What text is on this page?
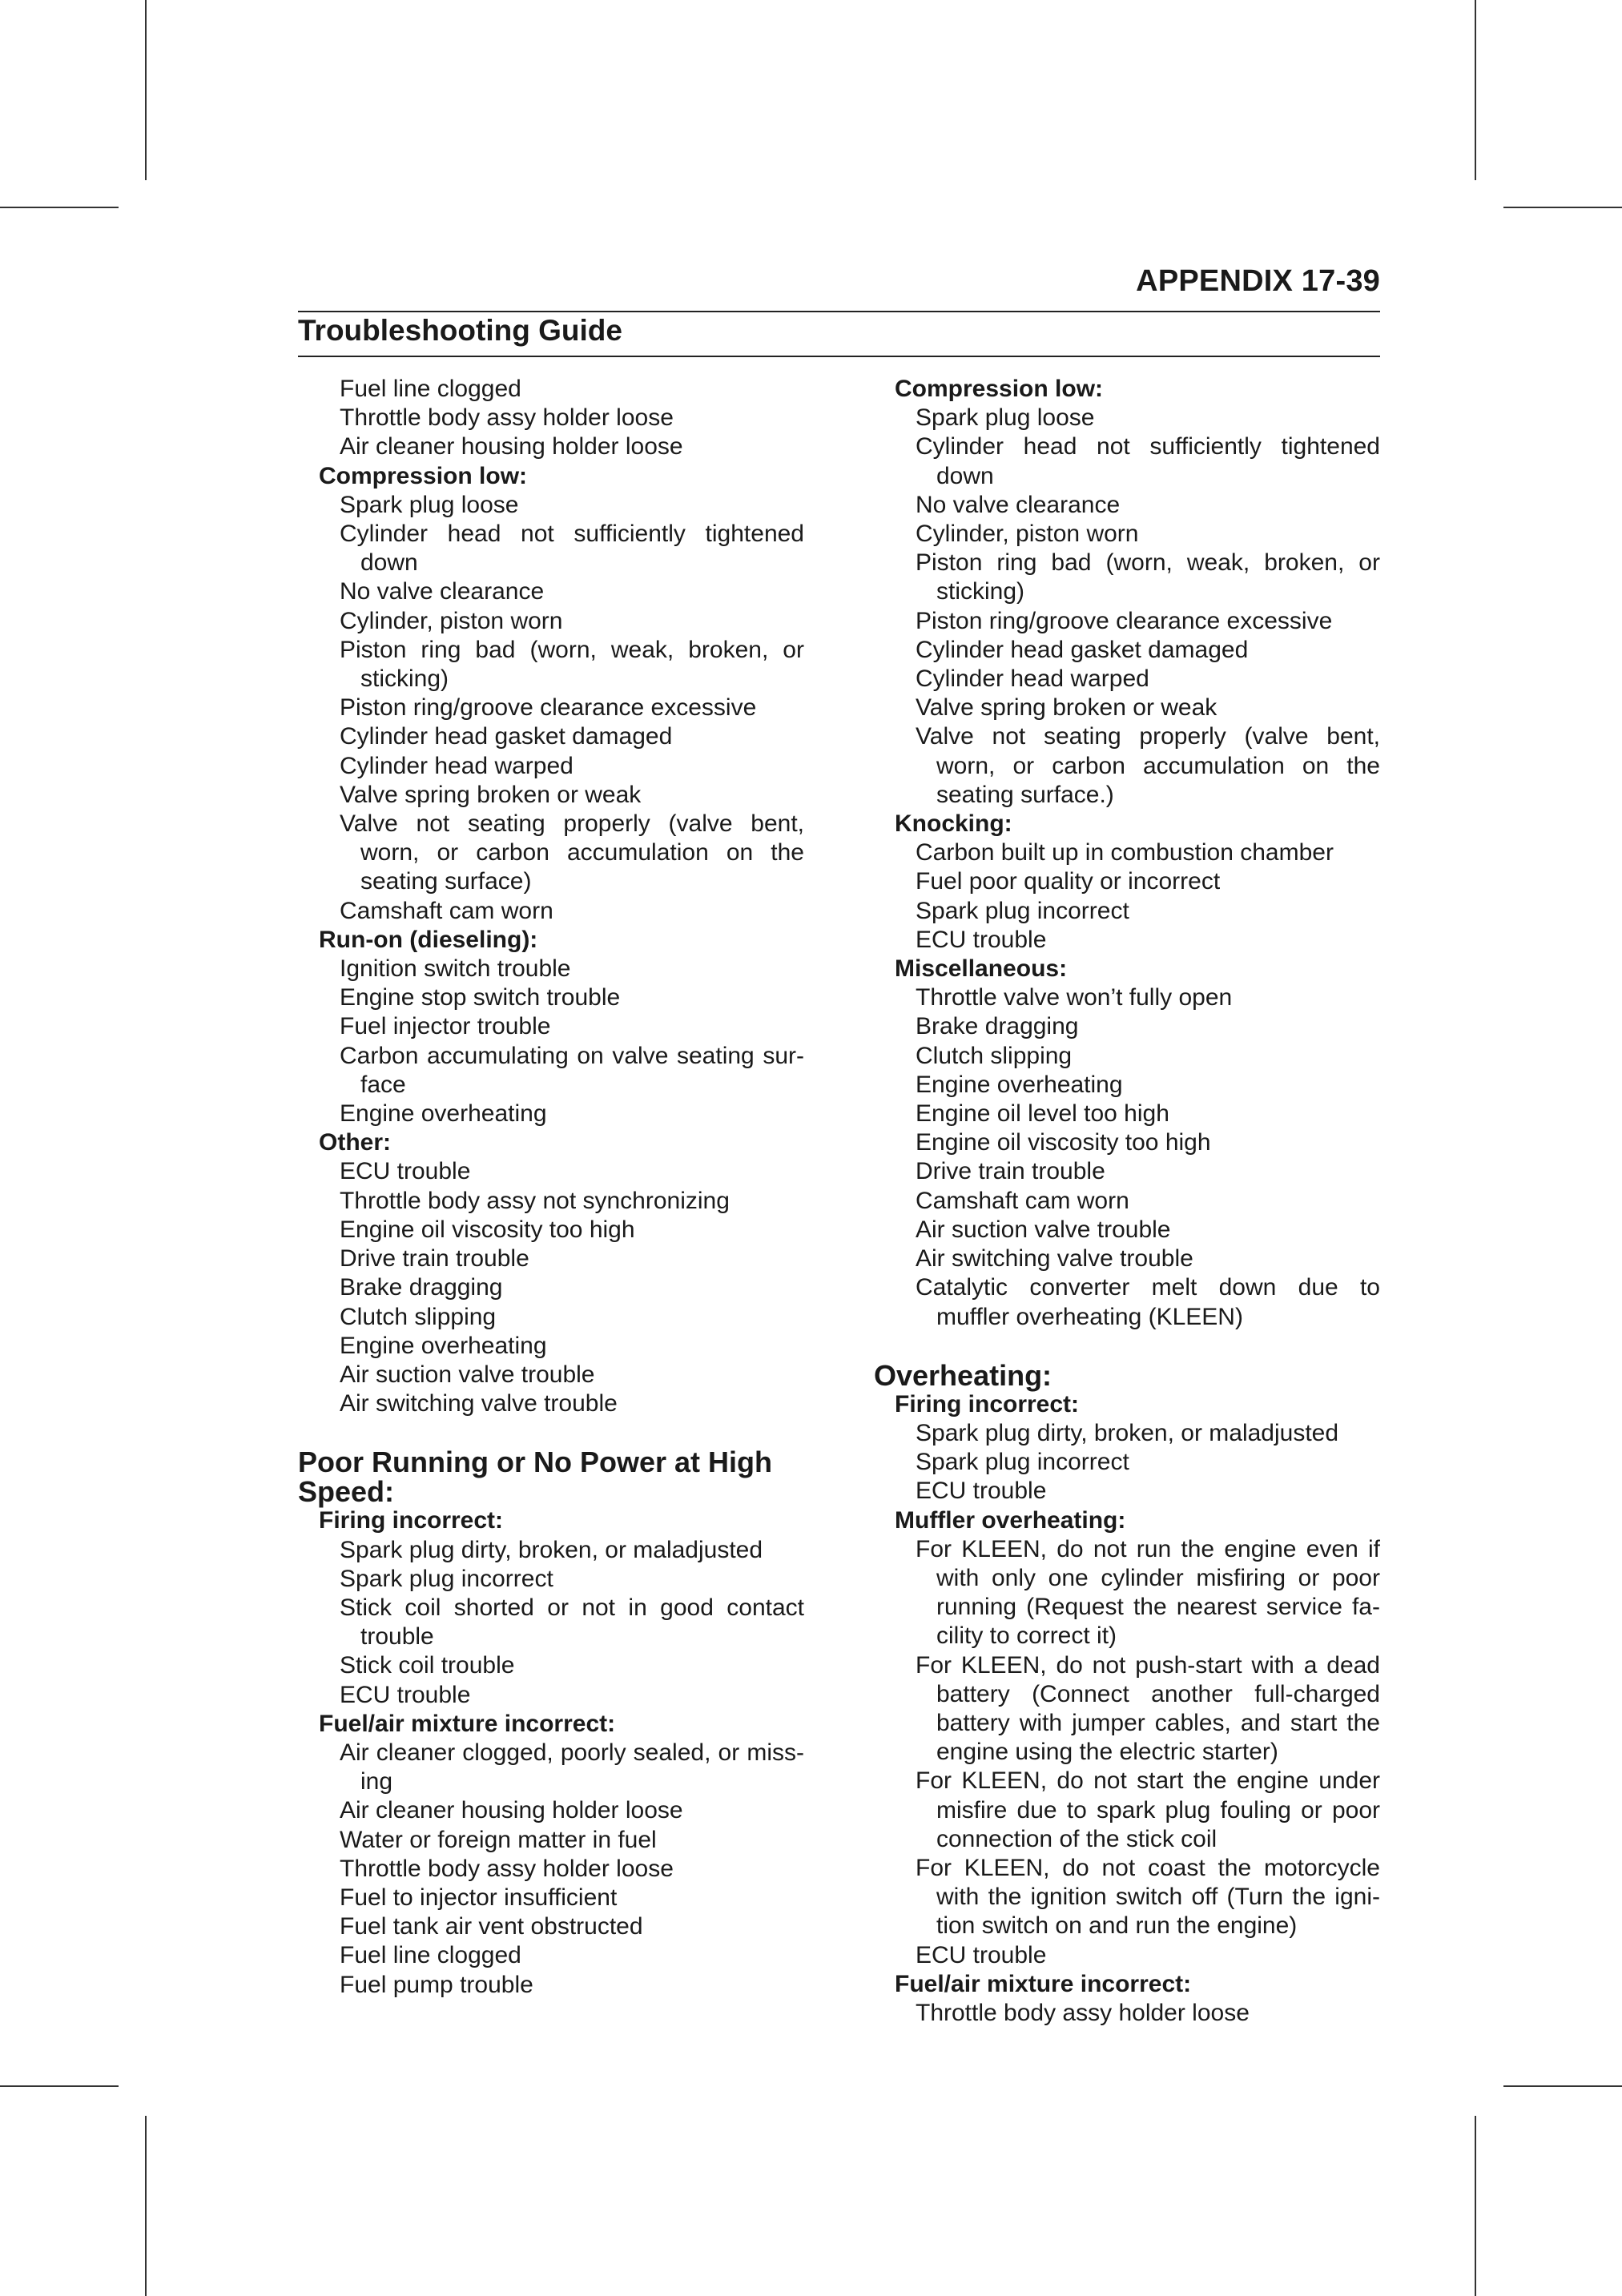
APPENDIX 17-39
Troubleshooting Guide
Fuel line clogged
Throttle body assy holder loose
Air cleaner housing holder loose
Compression low:
Spark plug loose
Cylinder head not sufficiently tightened down
No valve clearance
Cylinder, piston worn
Piston ring bad (worn, weak, broken, or sticking)
Piston ring/groove clearance excessive
Cylinder head gasket damaged
Cylinder head warped
Valve spring broken or weak
Valve not seating properly (valve bent, worn, or carbon accumulation on the seating surface)
Camshaft cam worn
Run-on (dieseling):
Ignition switch trouble
Engine stop switch trouble
Fuel injector trouble
Carbon accumulating on valve seating sur-face
Engine overheating
Other:
ECU trouble
Throttle body assy not synchronizing
Engine oil viscosity too high
Drive train trouble
Brake dragging
Clutch slipping
Engine overheating
Air suction valve trouble
Air switching valve trouble
Poor Running or No Power at High Speed:
Firing incorrect:
Spark plug dirty, broken, or maladjusted
Spark plug incorrect
Stick coil shorted or not in good contact trouble
Stick coil trouble
ECU trouble
Fuel/air mixture incorrect:
Air cleaner clogged, poorly sealed, or miss-ing
Air cleaner housing holder loose
Water or foreign matter in fuel
Throttle body assy holder loose
Fuel to injector insufficient
Fuel tank air vent obstructed
Fuel line clogged
Fuel pump trouble
Compression low:
Spark plug loose
Cylinder head not sufficiently tightened down
No valve clearance
Cylinder, piston worn
Piston ring bad (worn, weak, broken, or sticking)
Piston ring/groove clearance excessive
Cylinder head gasket damaged
Cylinder head warped
Valve spring broken or weak
Valve not seating properly (valve bent, worn, or carbon accumulation on the seating surface.)
Knocking:
Carbon built up in combustion chamber
Fuel poor quality or incorrect
Spark plug incorrect
ECU trouble
Miscellaneous:
Throttle valve won’t fully open
Brake dragging
Clutch slipping
Engine overheating
Engine oil level too high
Engine oil viscosity too high
Drive train trouble
Camshaft cam worn
Air suction valve trouble
Air switching valve trouble
Catalytic converter melt down due to muffler overheating (KLEEN)
Overheating:
Firing incorrect:
Spark plug dirty, broken, or maladjusted
Spark plug incorrect
ECU trouble
Muffler overheating:
For KLEEN, do not run the engine even if with only one cylinder misfiring or poor running (Request the nearest service fa-cility to correct it)
For KLEEN, do not push-start with a dead battery (Connect another full-charged battery with jumper cables, and start the engine using the electric starter)
For KLEEN, do not start the engine under misfire due to spark plug fouling or poor connection of the stick coil
For KLEEN, do not coast the motorcycle with the ignition switch off (Turn the igni-tion switch on and run the engine)
ECU trouble
Fuel/air mixture incorrect:
Throttle body assy holder loose
